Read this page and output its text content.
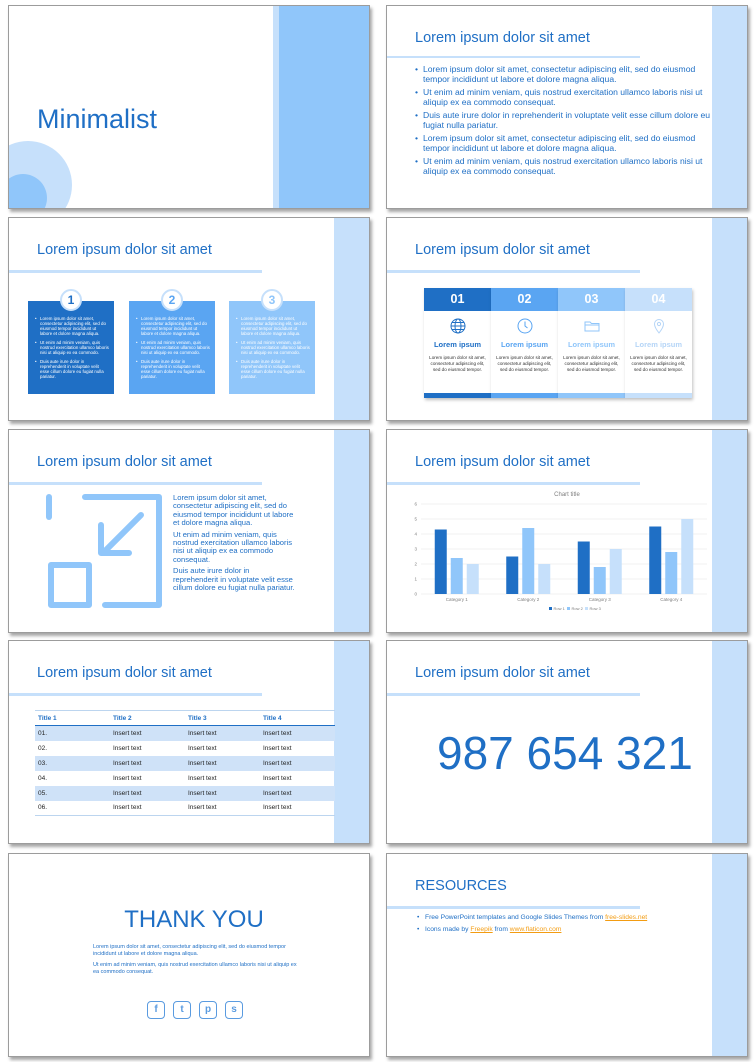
Minimalist
Lorem ipsum dolor sit amet
• Lorem ipsum dolor sit amet, consectetur adipiscing elit, sed do eiusmod tempor incididunt ut labore et dolore magna aliqua.
• Ut enim ad minim veniam, quis nostrud exercitation ullamco laboris nisi ut aliquip ex ea commodo consequat.
• Duis aute irure dolor in reprehenderit in voluptate velit esse cillum dolore eu fugiat nulla pariatur.
• Lorem ipsum dolor sit amet, consectetur adipiscing elit, sed do eiusmod tempor incididunt ut labore et dolore magna aliqua.
• Ut enim ad minim veniam, quis nostrud exercitation ullamco laboris nisi ut aliquip ex ea commodo consequat.
Lorem ipsum dolor sit amet
1
• Lorem ipsum dolor sit amet, consectetur adipiscing elit, sed do eiusmod tempor incididunt ut labore et dolore magna aliqua.
• Ut enim ad minim veniam, quis nostrud exercitation ullamco laboris nisi ut aliquip ex ea commodo.
• Duis aute irure dolor in reprehenderit in voluptate velit esse cillum dolore eu fugiat nulla pariatur.
2
• Lorem ipsum dolor sit amet, consectetur adipiscing elit, sed do eiusmod tempor incididunt ut labore et dolore magna aliqua.
• Ut enim ad minim veniam, quis nostrud exercitation ullamco laboris nisi ut aliquip ex ea commodo.
• Duis aute irure dolor in reprehenderit in voluptate velit esse cillum dolore eu fugiat nulla pariatur.
3
• Lorem ipsum dolor sit amet, consectetur adipiscing elit, sed do eiusmod tempor incididunt ut labore et dolore magna aliqua.
• Ut enim ad minim veniam, quis nostrud exercitation ullamco laboris nisi ut aliquip ex ea commodo.
• Duis aute irure dolor in reprehenderit in voluptate velit esse cillum dolore eu fugiat nulla pariatur.
Lorem ipsum dolor sit amet
01
Lorem ipsum
Lorem ipsum dolor sit amet, consectetur adipiscing elit, sed do eiusmod tempor.
02
Lorem ipsum
Lorem ipsum dolor sit amet, consectetur adipiscing elit, sed do eiusmod tempor.
03
Lorem ipsum
Lorem ipsum dolor sit amet, consectetur adipiscing elit, sed do eiusmod tempor.
04
Lorem ipsum
Lorem ipsum dolor sit amet, consectetur adipiscing elit, sed do eiusmod tempor.
Lorem ipsum dolor sit amet

Lorem ipsum dolor sit amet, consectetur adipiscing elit, sed do eiusmod tempor incididunt ut labore et dolore magna aliqua.

Ut enim ad minim veniam, quis nostrud exercitation ullamco laboris nisi ut aliquip ex ea commodo consequat.

Duis aute irure dolor in reprehenderit in voluptate velit esse cillum dolore eu fugiat nulla pariatur.

Lorem ipsum dolor sit amet
Chart title
0
1
2
3
4
5
6
Category 1	Category 2	Category 3	Category 4
Row 1 Row 2 Row 3
Lorem ipsum dolor sit amet
Title 1	Title 2	Title 3	Title 4
01.	Insert text	Insert text	Insert text
02.	Insert text	Insert text	Insert text
03.	Insert text	Insert text	Insert text
04.	Insert text	Insert text	Insert text
05.	Insert text	Insert text	Insert text
06.	Insert text	Insert text	Insert text
Lorem ipsum dolor sit amet
987 654 321
THANK YOU

Lorem ipsum dolor sit amet, consectetur adipiscing elit, sed do eiusmod tempor incididunt ut labore et dolore magna aliqua.

Ut enim ad minim veniam, quis nostrud exercitation ullamco laboris nisi ut aliquip ex ea commodo consequat.

f	t	p	s
RESOURCES
• Free PowerPoint templates and Google Slides Themes from free-slides.net
• Icons made by Freepik from www.flaticon.com
